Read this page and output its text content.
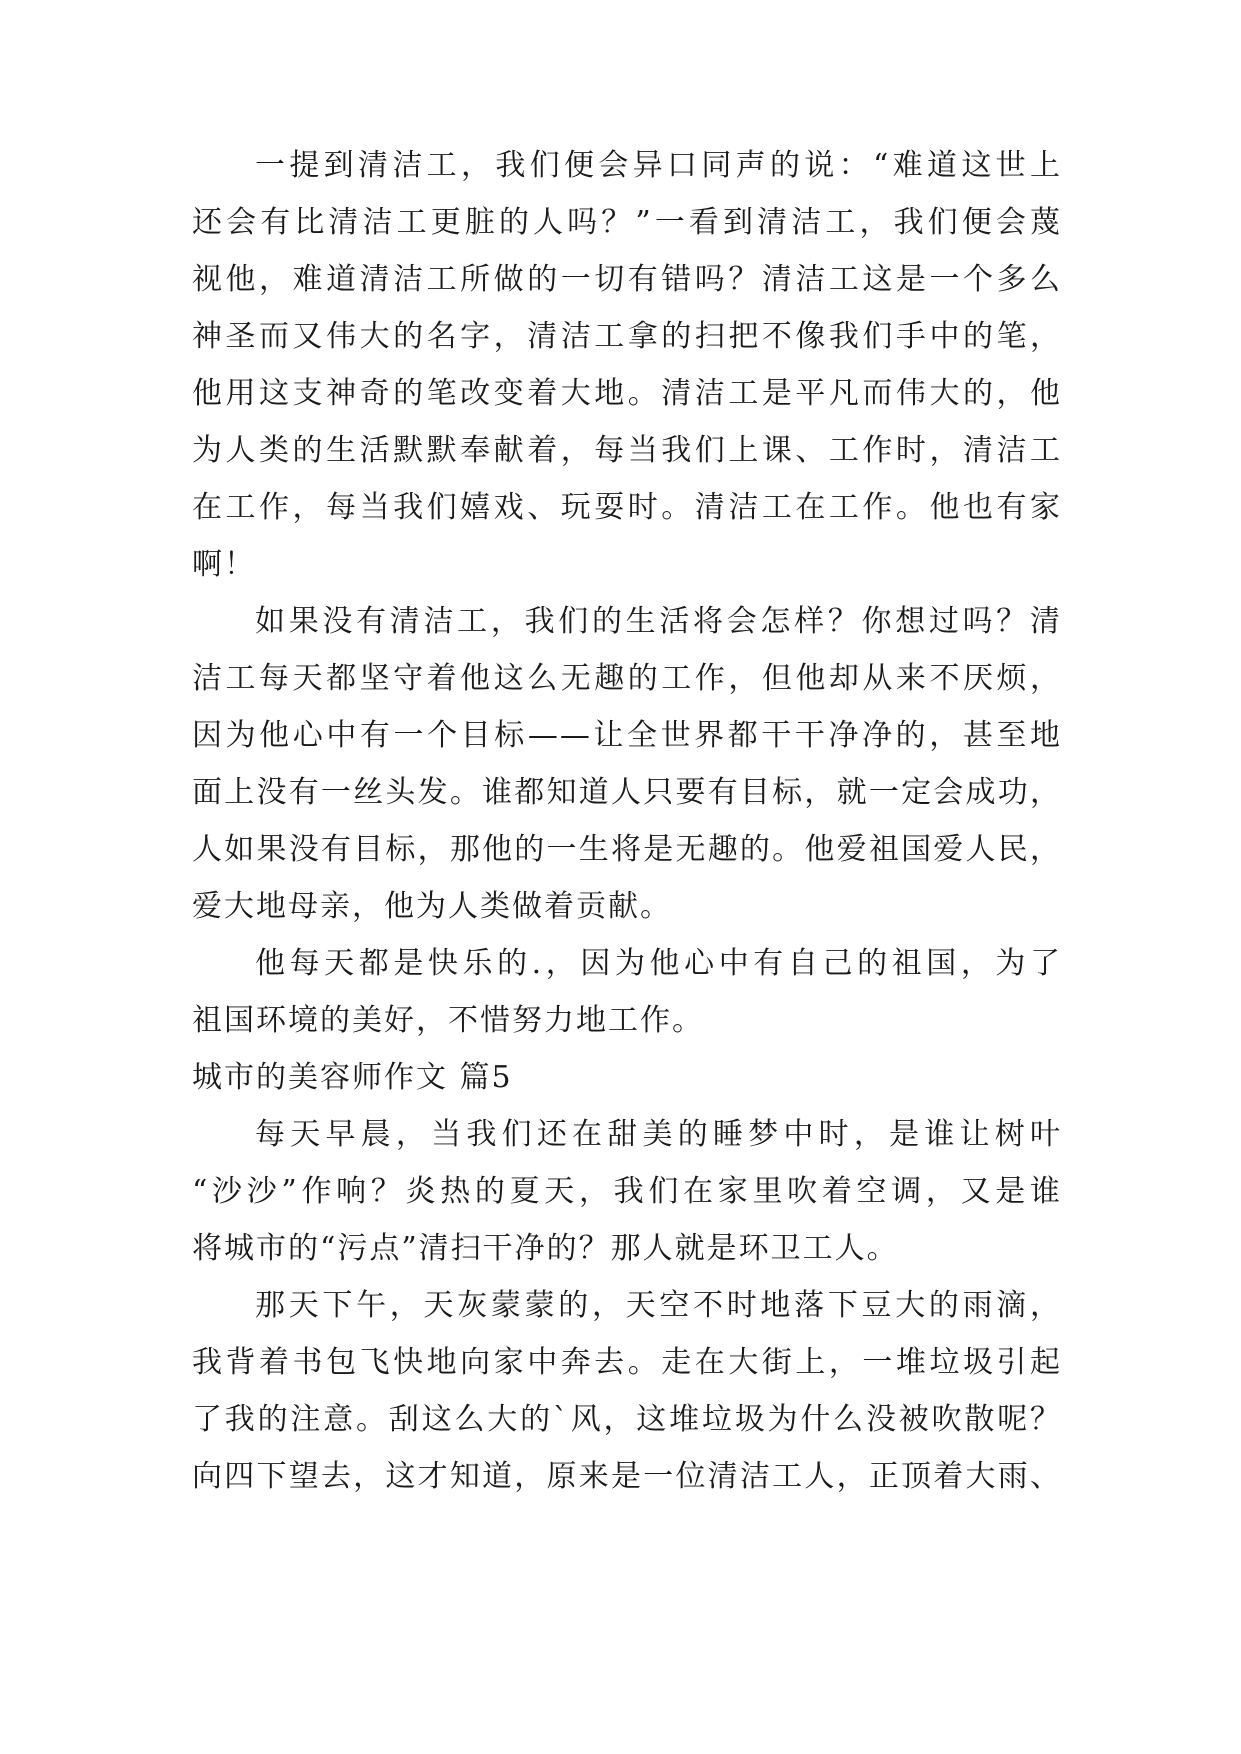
一提到清洁工，我们便会异口同声的说：“难道这世上
还会有比清洁工更脏的人吗？”一看到清洁工，我们便会蔑
视他，难道清洁工所做的一切有错吗？清洁工这是一个多么
神圣而又伟大的名字，清洁工拿的扫把不像我们手中的笔，
他用这支神奇的笔改变着大地。清洁工是平凡而伟大的，他
为人类的生活默默奉献着，每当我们上课、工作时，清洁工
在工作，每当我们嬉戏、玩耍时。清洁工在工作。他也有家
啊！
如果没有清洁工，我们的生活将会怎样？你想过吗？清
洁工每天都坚守着他这么无趣的工作，但他却从来不厌烦，
因为他心中有一个目标——让全世界都干干净净的，甚至地
面上没有一丝头发。谁都知道人只要有目标，就一定会成功，
人如果没有目标，那他的一生将是无趣的。他爱祖国爱人民，
爱大地母亲，他为人类做着贡献。
他每天都是快乐的.，因为他心中有自己的祖国，为了
祖国环境的美好，不惜努力地工作。
城市的美容师作文 篇5
每天早晨，当我们还在甜美的睡梦中时，是谁让树叶
“沙沙”作响？炎热的夏天，我们在家里吹着空调，又是谁
将城市的“污点”清扫干净的？那人就是环卫工人。
那天下午，天灰蒙蒙的，天空不时地落下豆大的雨滴，
我背着书包飞快地向家中奔去。走在大街上，一堆垃圾引起
了我的注意。刮这么大的`风，这堆垃圾为什么没被吹散呢？
向四下望去，这才知道，原来是一位清洁工人，正顶着大雨、
